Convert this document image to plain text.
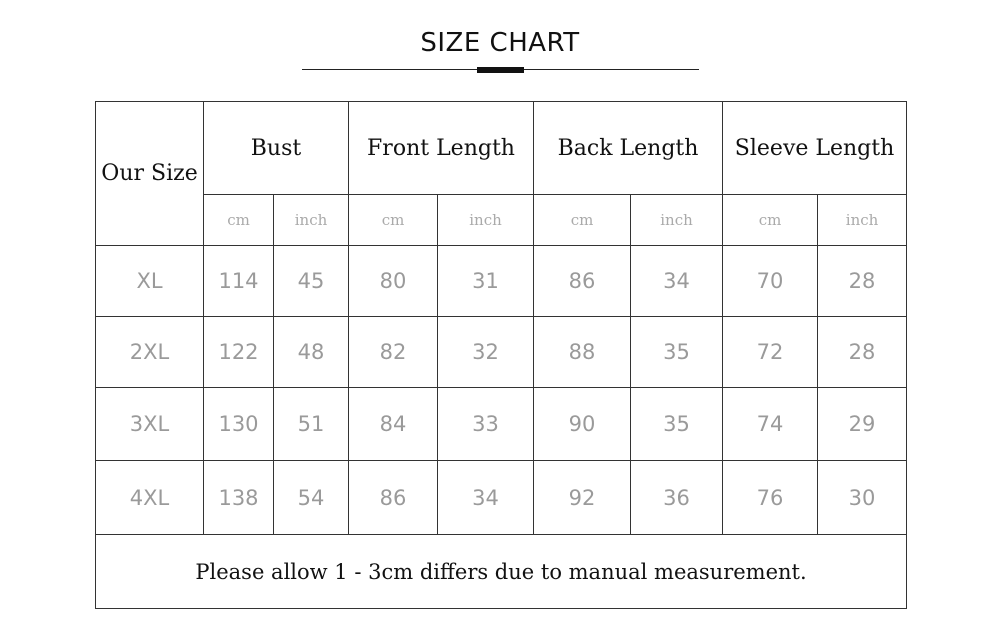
SIZE CHART
Our Size	Bust		Front Length		Back Length		Sleeve Length	
	cm	inch	cm	inch	cm	inch	cm	inch
XL	114	45	80	31	86	34	70	28
2XL	122	48	82	32	88	35	72	28
3XL	130	51	84	33	90	35	74	29
4XL	138	54	86	34	92	36	76	30
Please allow 1 - 3cm differs due to manual measurement.								
